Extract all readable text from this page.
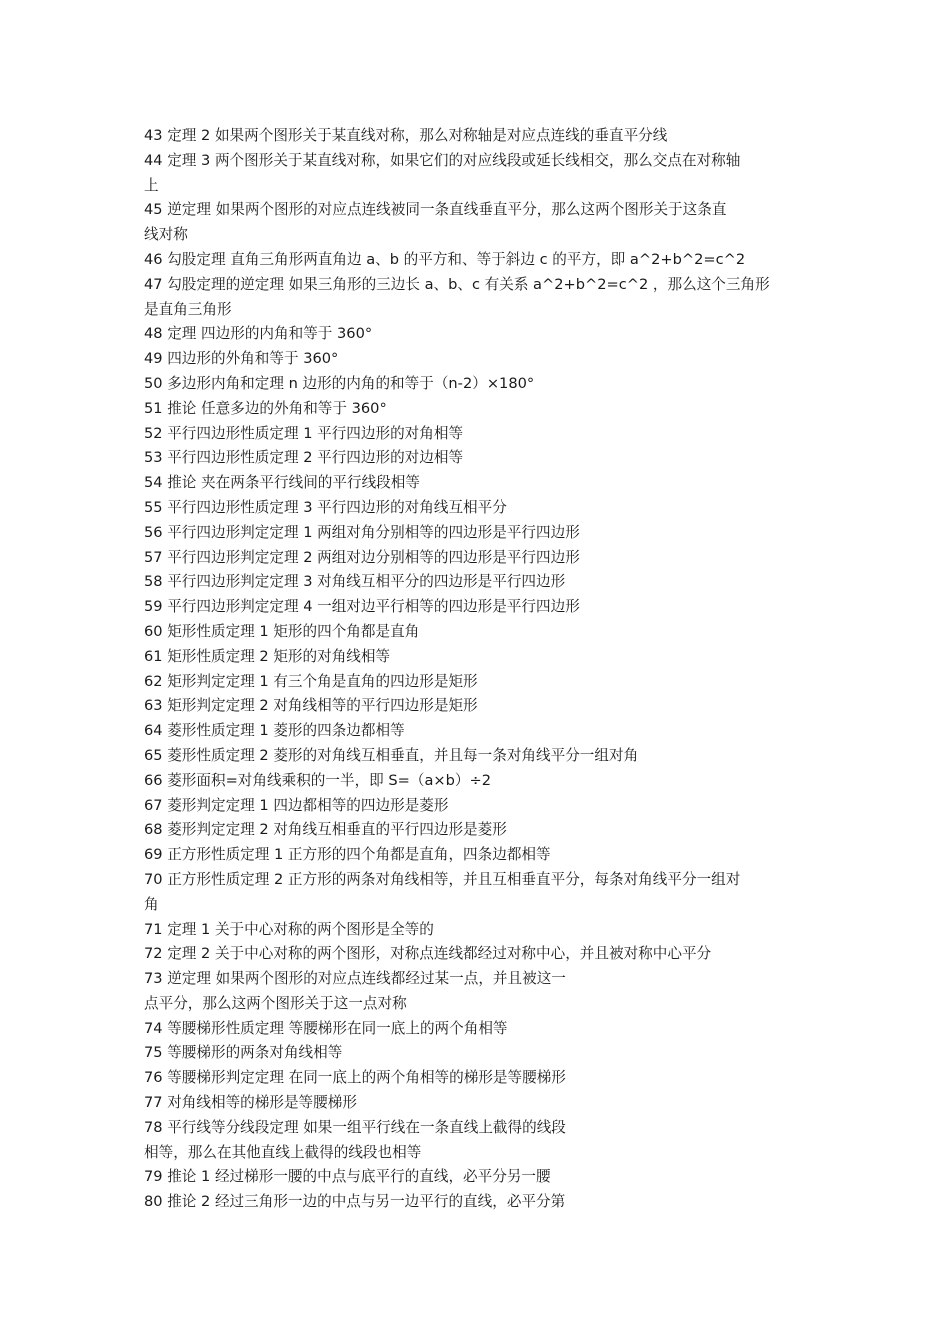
43 定理 2 如果两个图形关于某直线对称，那么对称轴是对应点连线的垂直平分线
44 定理 3 两个图形关于某直线对称，如果它们的对应线段或延长线相交，那么交点在对称轴
上
45 逆定理 如果两个图形的对应点连线被同一条直线垂直平分，那么这两个图形关于这条直
线对称
46 勾股定理 直角三角形两直角边 a、b 的平方和、等于斜边 c 的平方，即 a^2+b^2=c^2
47 勾股定理的逆定理 如果三角形的三边长 a、b、c 有关系 a^2+b^2=c^2 ，那么这个三角形
是直角三角形
48 定理 四边形的内角和等于 360°
49 四边形的外角和等于 360°
50 多边形内角和定理 n 边形的内角的和等于（n-2）×180°
51 推论 任意多边的外角和等于 360°
52 平行四边形性质定理 1 平行四边形的对角相等
53 平行四边形性质定理 2 平行四边形的对边相等
54 推论 夹在两条平行线间的平行线段相等
55 平行四边形性质定理 3 平行四边形的对角线互相平分
56 平行四边形判定定理 1 两组对角分别相等的四边形是平行四边形
57 平行四边形判定定理 2 两组对边分别相等的四边形是平行四边形
58 平行四边形判定定理 3 对角线互相平分的四边形是平行四边形
59 平行四边形判定定理 4 一组对边平行相等的四边形是平行四边形
60 矩形性质定理 1 矩形的四个角都是直角
61 矩形性质定理 2 矩形的对角线相等
62 矩形判定定理 1 有三个角是直角的四边形是矩形
63 矩形判定定理 2 对角线相等的平行四边形是矩形
64 菱形性质定理 1 菱形的四条边都相等
65 菱形性质定理 2 菱形的对角线互相垂直，并且每一条对角线平分一组对角
66 菱形面积=对角线乘积的一半，即 S=（a×b）÷2
67 菱形判定定理 1 四边都相等的四边形是菱形
68 菱形判定定理 2 对角线互相垂直的平行四边形是菱形
69 正方形性质定理 1 正方形的四个角都是直角，四条边都相等
70 正方形性质定理 2 正方形的两条对角线相等，并且互相垂直平分，每条对角线平分一组对
角
71 定理 1 关于中心对称的两个图形是全等的
72 定理 2 关于中心对称的两个图形，对称点连线都经过对称中心，并且被对称中心平分
73 逆定理 如果两个图形的对应点连线都经过某一点，并且被这一
点平分，那么这两个图形关于这一点对称
74 等腰梯形性质定理 等腰梯形在同一底上的两个角相等
75 等腰梯形的两条对角线相等
76 等腰梯形判定定理 在同一底上的两个角相等的梯形是等腰梯形
77 对角线相等的梯形是等腰梯形
78 平行线等分线段定理 如果一组平行线在一条直线上截得的线段
相等，那么在其他直线上截得的线段也相等
79 推论 1 经过梯形一腰的中点与底平行的直线，必平分另一腰
80 推论 2 经过三角形一边的中点与另一边平行的直线，必平分第
